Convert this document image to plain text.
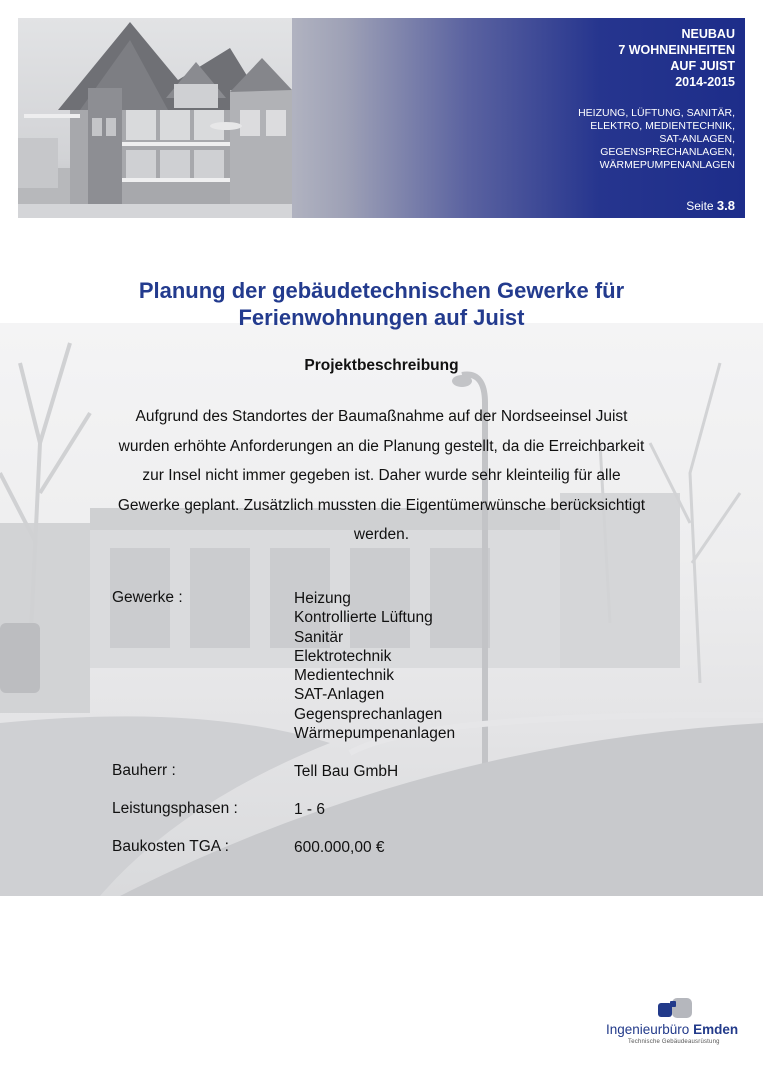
NEUBAU
7 WOHNEINHEITEN
AUF JUIST
2014-2015
HEIZUNG, LÜFTUNG, SANITÄR,
ELEKTRO, MEDIENTECHNIK,
SAT-ANLAGEN,
GEGENSPRECHANLAGEN,
WÄRMEPUMPENANLAGEN
Seite 3.8
Planung der gebäudetechnischen Gewerke für
Ferienwohnungen auf Juist
Projektbeschreibung
Aufgrund des Standortes der Baumaßnahme auf der Nordseeinsel Juist
wurden erhöhte Anforderungen an die Planung gestellt, da die Erreichbarkeit
zur Insel nicht immer gegeben ist. Daher wurde sehr kleinteilig für alle
Gewerke geplant. Zusätzlich mussten die Eigentümerwünsche berücksichtigt
werden.
Gewerke :	Heizung
Kontrollierte Lüftung
Sanitär
Elektrotechnik
Medientechnik
SAT-Anlagen
Gegensprechanlagen
Wärmepumpenanlagen
Bauherr :	Tell Bau GmbH
Leistungsphasen :	1 - 6
Baukosten TGA :	600.000,00 €
Ingenieurbüro Emden
Technische Gebäudeausrüstung
